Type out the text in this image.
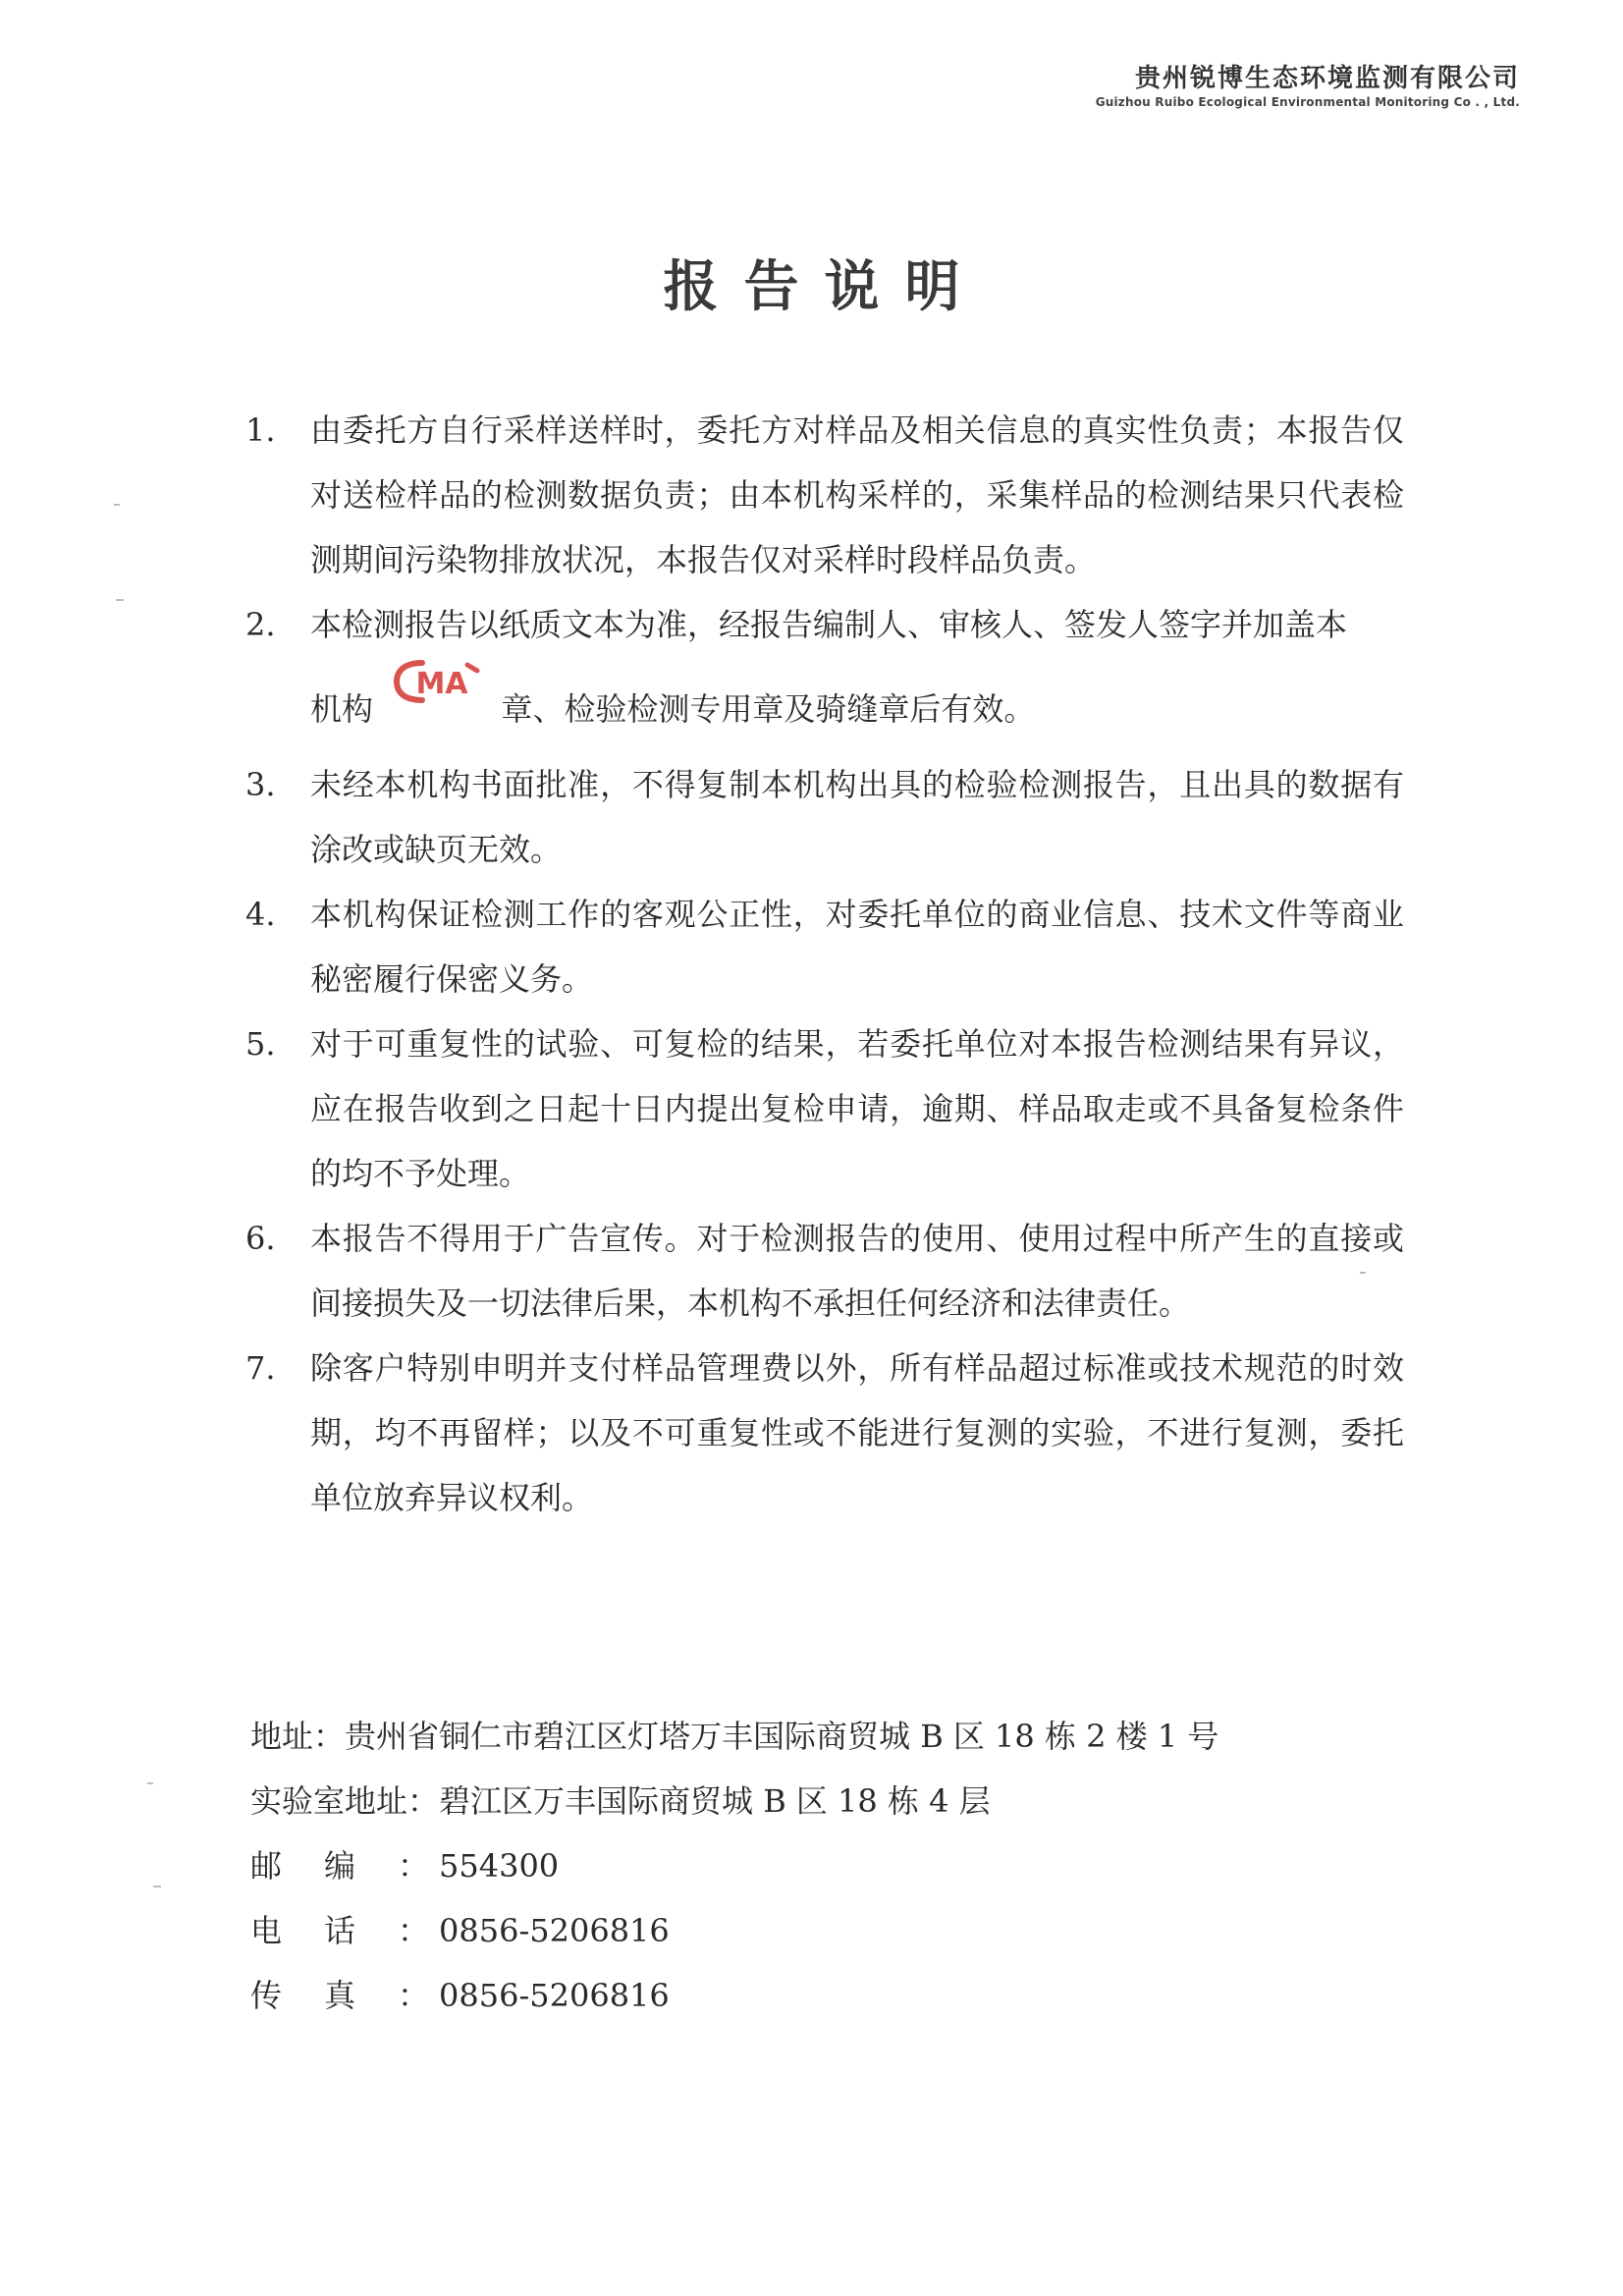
贵州锐博生态环境监测有限公司
Guizhou Ruibo Ecological Environmental Monitoring Co . , Ltd.
报告说明
1. 由委托方自行采样送样时，委托方对样品及相关信息的真实性负责；本报告仅对送检样品的检测数据负责；由本机构采样的，采集样品的检测结果只代表检测期间污染物排放状况，本报告仅对采样时段样品负责。
2. 本检测报告以纸质文本为准，经报告编制人、审核人、签发人签字并加盖本
机构
MA
章、检验检测专用章及骑缝章后有效。
3. 未经本机构书面批准，不得复制本机构出具的检验检测报告，且出具的数据有涂改或缺页无效。
4. 本机构保证检测工作的客观公正性，对委托单位的商业信息、技术文件等商业秘密履行保密义务。
5. 对于可重复性的试验、可复检的结果，若委托单位对本报告检测结果有异议，应在报告收到之日起十日内提出复检申请，逾期、样品取走或不具备复检条件的均不予处理。
6. 本报告不得用于广告宣传。对于检测报告的使用、使用过程中所产生的直接或间接损失及一切法律后果，本机构不承担任何经济和法律责任。
7. 除客户特别申明并支付样品管理费以外，所有样品超过标准或技术规范的时效期，均不再留样；以及不可重复性或不能进行复测的实验，不进行复测，委托单位放弃异议权利。
地址：贵州省铜仁市碧江区灯塔万丰国际商贸城 B 区 18 栋 2 楼 1 号
实验室地址：碧江区万丰国际商贸城 B 区 18 栋 4 层
邮编： 554300
电话： 0856-5206816
传真： 0856-5206816
